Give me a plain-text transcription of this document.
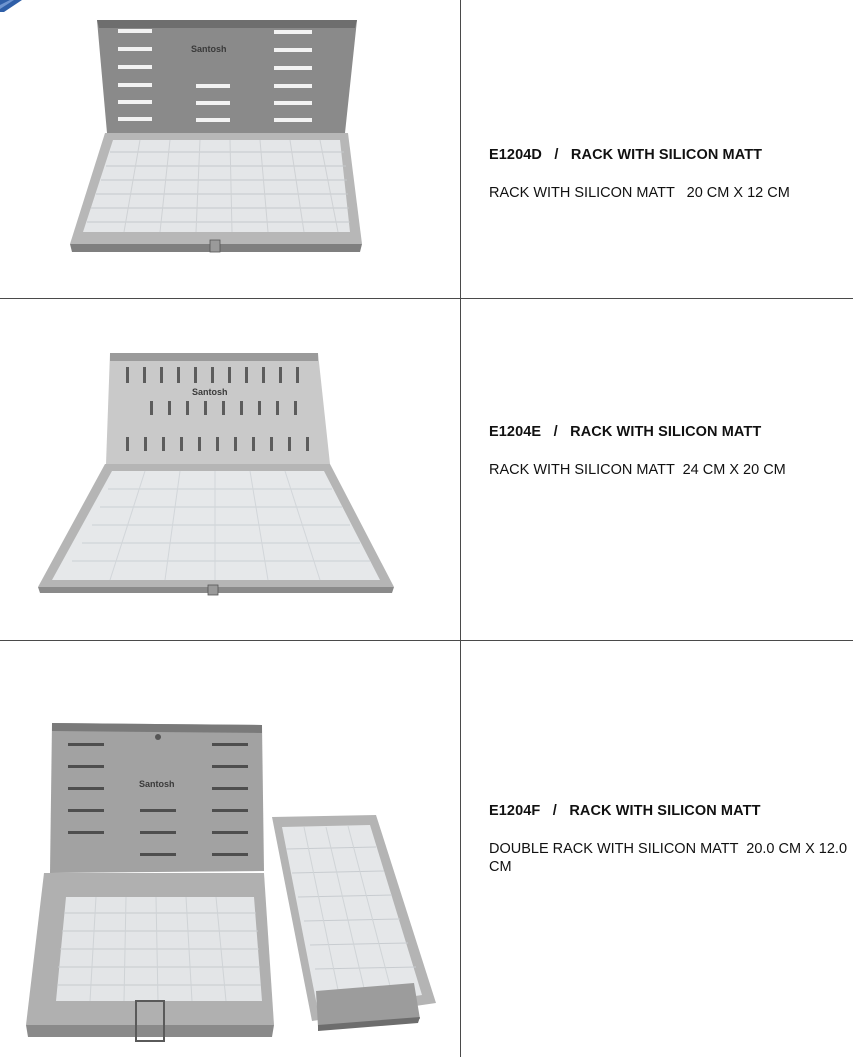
Santosh
E1204D / RACK WITH SILICON MATT
RACK WITH SILICON MATT   20 CM X 12 CM
Santosh
E1204E / RACK WITH SILICON MATT
RACK WITH SILICON MATT  24 CM X 20 CM
Santosh
E1204F / RACK WITH SILICON MATT
DOUBLE RACK WITH SILICON MATT  20.0 CM X 12.0 CM
